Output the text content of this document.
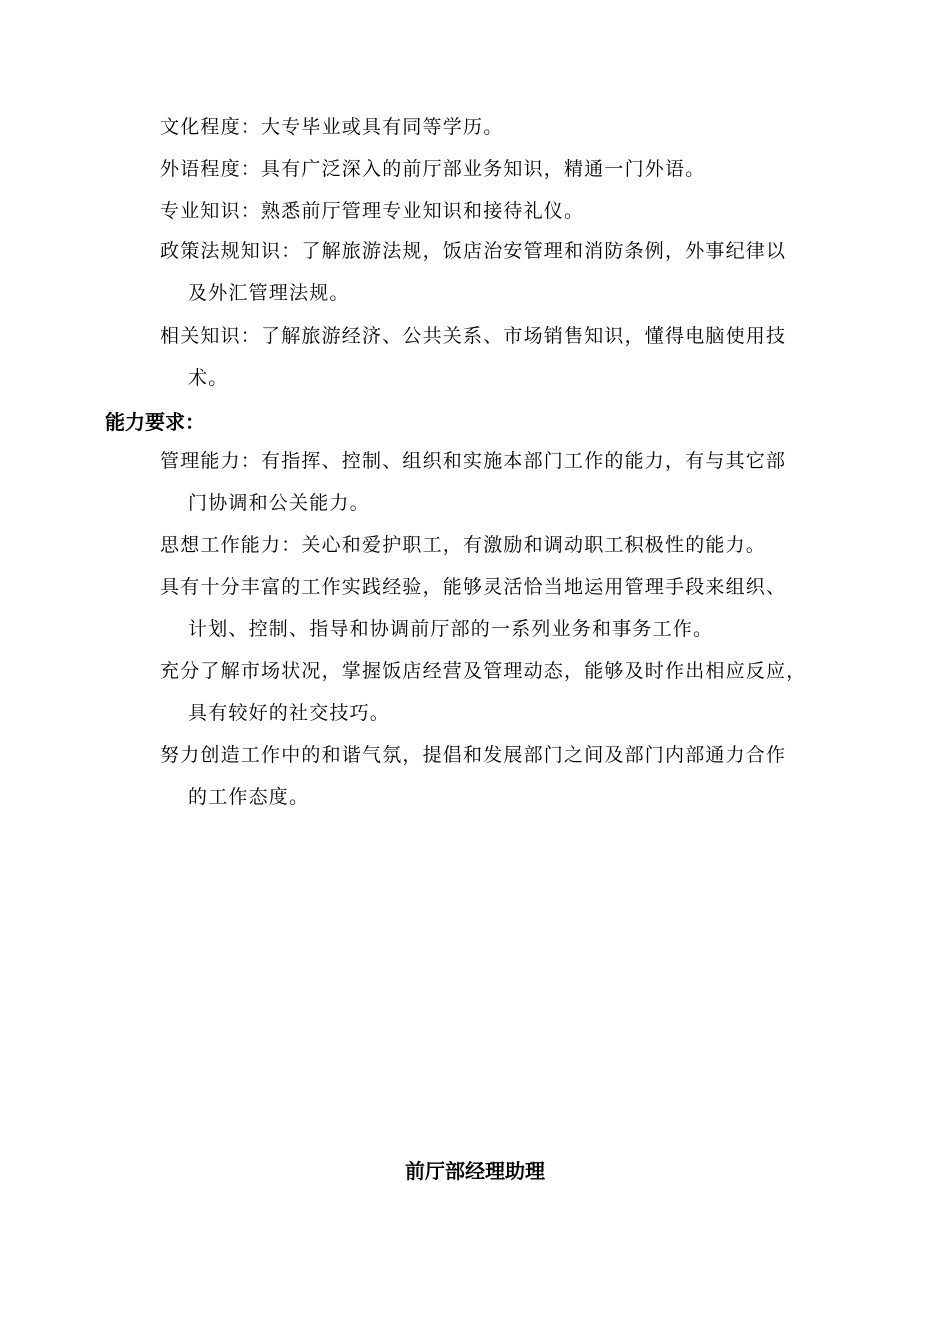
文化程度：大专毕业或具有同等学历。
外语程度：具有广泛深入的前厅部业务知识，精通一门外语。
专业知识：熟悉前厅管理专业知识和接待礼仪。
政策法规知识：了解旅游法规，饭店治安管理和消防条例，外事纪律以
及外汇管理法规。
相关知识：了解旅游经济、公共关系、市场销售知识，懂得电脑使用技
术。
能力要求：
管理能力：有指挥、控制、组织和实施本部门工作的能力，有与其它部
门协调和公关能力。
思想工作能力：关心和爱护职工，有激励和调动职工积极性的能力。
具有十分丰富的工作实践经验，能够灵活恰当地运用管理手段来组织、
计划、控制、指导和协调前厅部的一系列业务和事务工作。
充分了解市场状况，掌握饭店经营及管理动态，能够及时作出相应反应，
具有较好的社交技巧。
努力创造工作中的和谐气氛，提倡和发展部门之间及部门内部通力合作
的工作态度。
前厅部经理助理
